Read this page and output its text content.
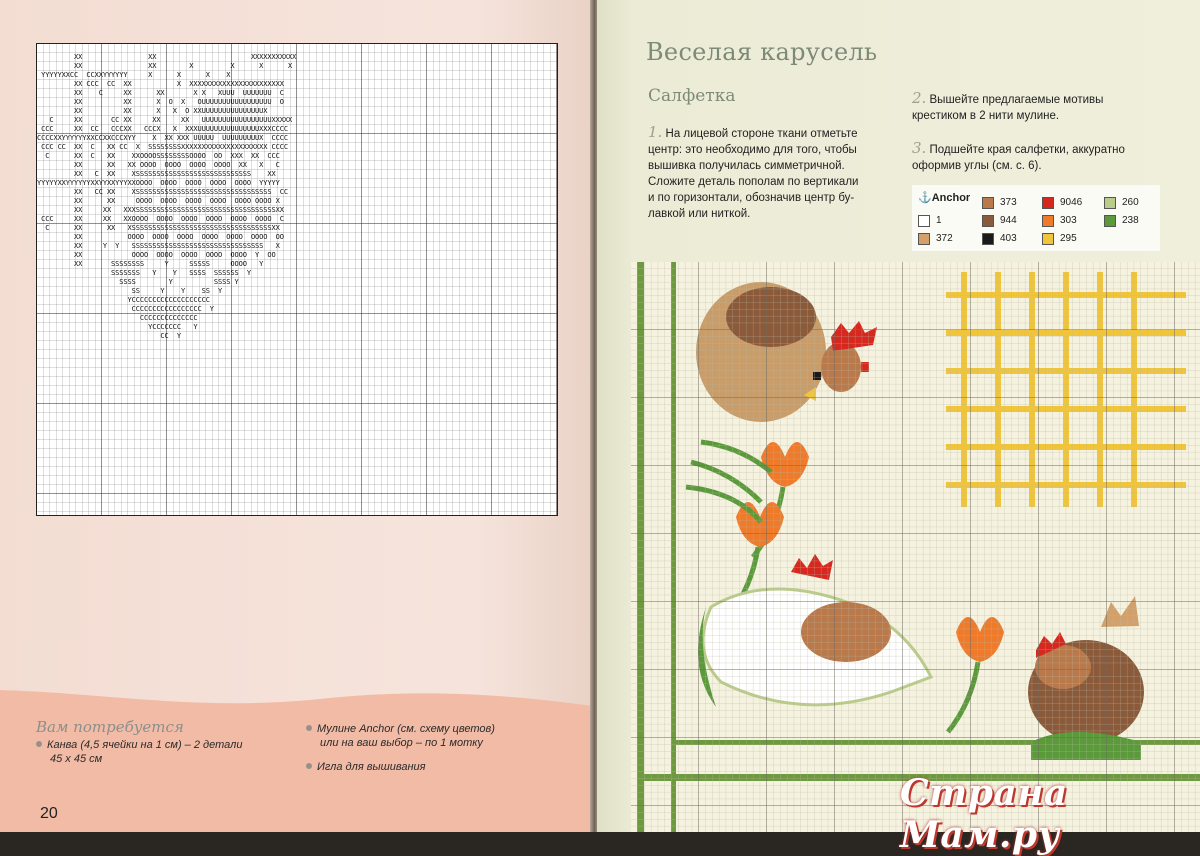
XX                XX                       XXXXXXXXXXX
XX                XX        X         X      X      X
YYYYYXXCC  CCXXYYYYYY     X      X      X    X
XX CCC  CC  XX           X  XXXXXXXXXXXXXXXXXXXXXXX
XX    C     XX      XX       X X   XUUU  UUUUUUU  C
XX          XX      X  O  X   OUUUUUUUUUUUUUUUUU  O
XX          XX      X   X  O XXUUUUUUUUUUUUUUUX
C     XX       CC XX     XX     XX   UUUUUUUUUUUUUUUUUXXXXX
CCC     XX  CC   CCCXX   CCCX   X  XXXUUUUUUUUUUUUUUUXXXCCCC
CCCCXXYYYYYYXXCCXXCCCXYY    X  XX XXX UUUUU  UUUUUUUUUX  CCCC
CCC CC  XX  C   XX CC  X  SSSSSSSSXXXXXXXXXXXXXXXXXXXXX CCCC
C      XX  C   XX    XXOOOOSSSSSSSSOOOO  OO  XXX  XX  CCC
XX      XX   XX OOOO  OOOO  OOOO  OOOO  XX   X   C
XX   C  XX    XSSSSSSSSSSSSSSSSSSSSSSSSSSSS    XX
YYYYYXXYYYYYYXXYYXXYYYXXOOOO  OOOO  OOOO  OOOO  OOOO  YYYYY
XX   CC XX    XSSSSSSSSSSSSSSSSSSSSSSSSSSSSSSSSS  CC
XX      XX     OOOO  OOOO  OOOO  OOOO  OOOO OOOO X
XX     XX   XXXSSSSSSSSSSSSSSSSSSSSSSSSSSSSSSSSSSXX
CCC     XX     XX   XXOOOO  OOOO  OOOO  OOOO  OOOO  OOOO  C
C      XX      XX   XSSSSSSSSSSSSSSSSSSSSSSSSSSSSSSSSSSXX
XX           OOOO  OOOO  OOOO  OOOO  OOOO  OOOO  OO
XX     Y  Y   SSSSSSSSSSSSSSSSSSSSSSSSSSSSSSSS   X
XX            OOOO  OOOO  OOOO  OOOO  OOOO  Y  OO
XX       SSSSSSSS     Y     SSSSS     OOOO   Y
SSSSSSS   Y    Y   SSSS  SSSSSS  Y
SSSS        Y          SSSS Y
SS     Y    Y    SS  Y
YCCCCCCCCCCCCCCCCCCC
CCCCCCCCCCCCCCCCC  Y
CCCCCCCCCCCCCC
YCCCCCCC   Y
CC  Y
Вам потребуется
Канва (4,5 ячейки на 1 см) – 2 детали
45 х 45 см
Мулине Anchor (см. схему цветов)
или на ваш выбор – по 1 мотку
Игла для вышивания
20
Веселая карусель
Салфетка
1. На лицевой стороне ткани отметьте
центр: это необходимо для того, чтобы
вышивка получилась симметричной.
Сложите деталь пополам по вертикали
и по горизонтали, обозначив центр бу-
лавкой или ниткой.
2. Вышейте предлагаемые мотивы
крестиком в 2 нити мулине.
3. Подшейте края салфетки, аккуратно
оформив углы (см. с. 6).
⚓Anchor
1
372
373
944
403
9046
303
295
260
238
Страна Мам.ру
